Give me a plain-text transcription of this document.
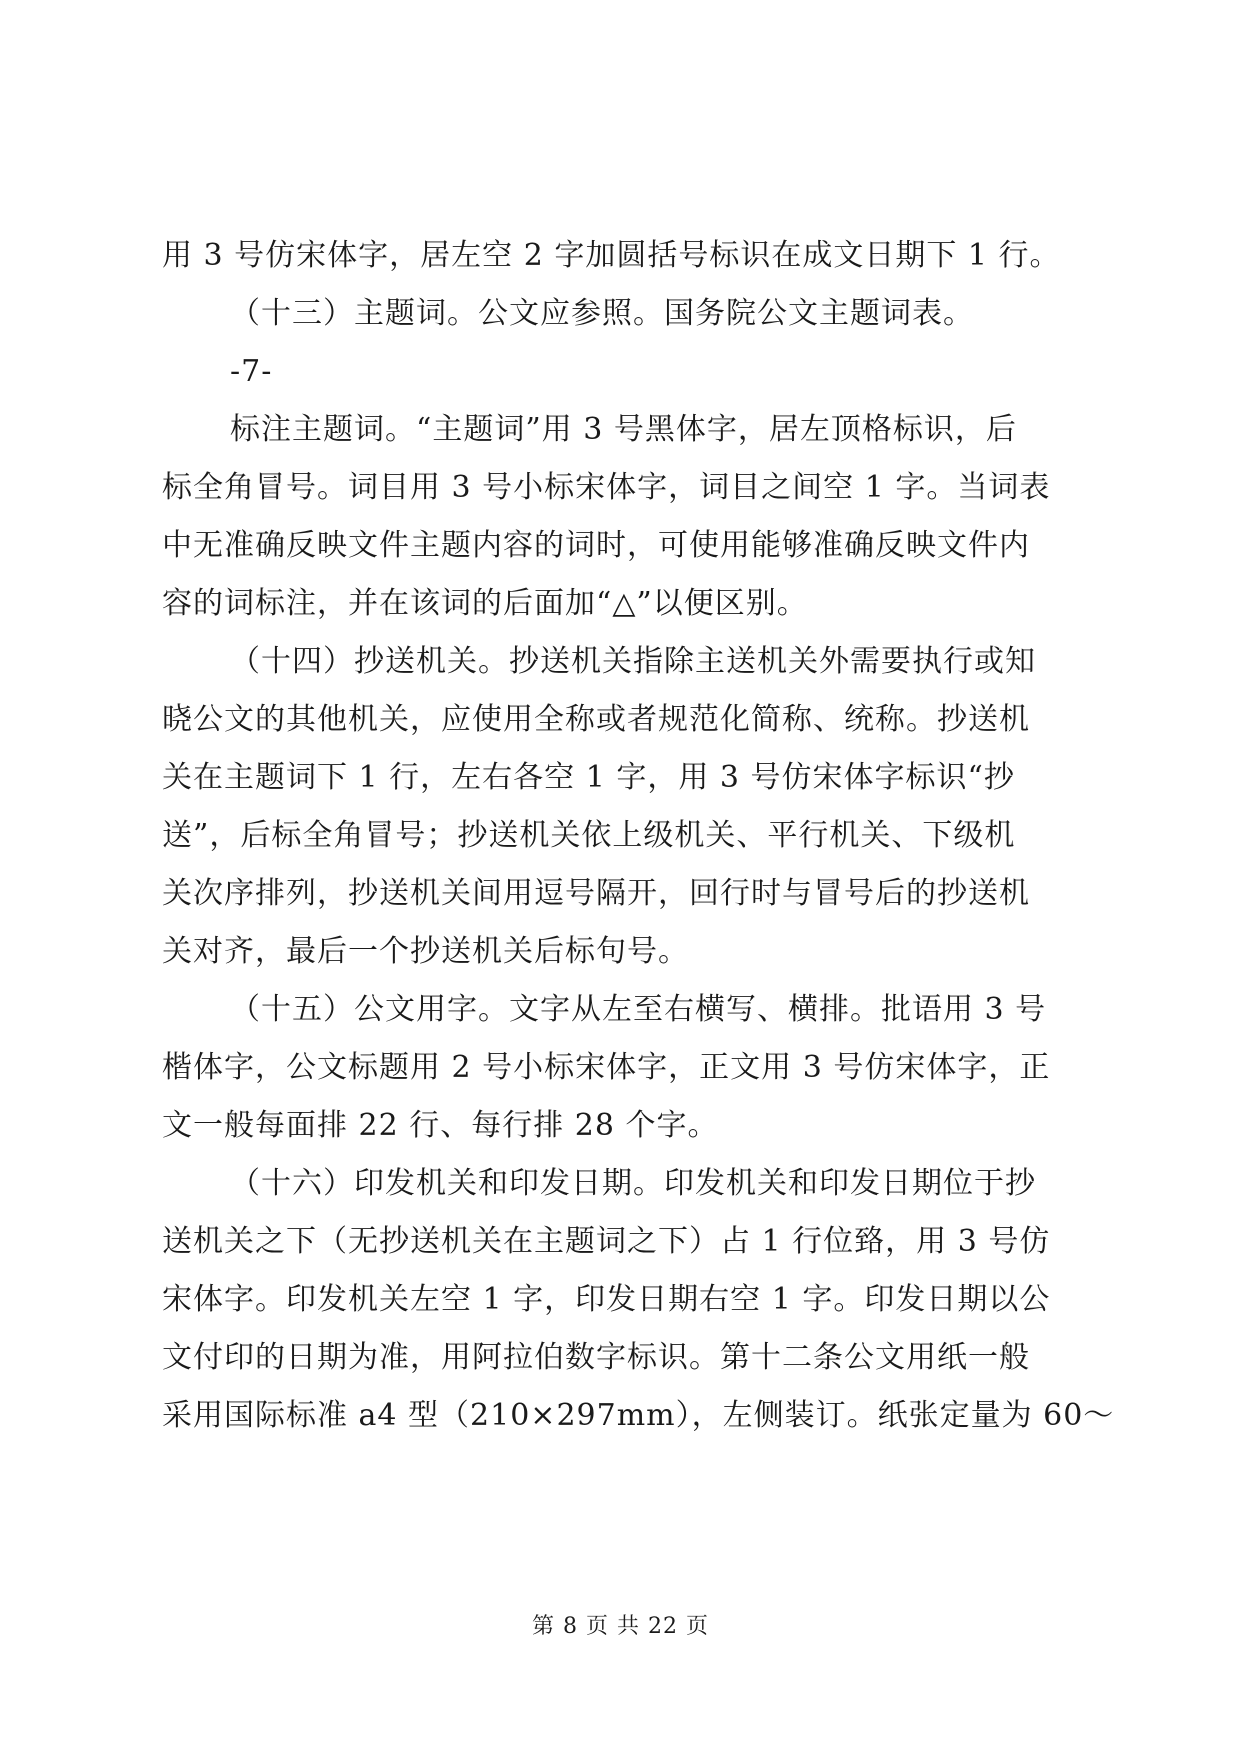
用 3 号仿宋体字，居左空 2 字加圆括号标识在成文日期下 1 行。
（十三）主题词。公文应参照。国务院公文主题词表。
-7-
标注主题词。“主题词”用 3 号黑体字，居左顶格标识，后
标全角冒号。词目用 3 号小标宋体字，词目之间空 1 字。当词表
中无准确反映文件主题内容的词时，可使用能够准确反映文件内
容的词标注，并在该词的后面加“△”以便区别。
（十四）抄送机关。抄送机关指除主送机关外需要执行或知
晓公文的其他机关，应使用全称或者规范化简称、统称。抄送机
关在主题词下 1 行，左右各空 1 字，用 3 号仿宋体字标识“抄
送”，后标全角冒号；抄送机关依上级机关、平行机关、下级机
关次序排列，抄送机关间用逗号隔开，回行时与冒号后的抄送机
关对齐，最后一个抄送机关后标句号。
（十五）公文用字。文字从左至右横写、横排。批语用 3 号
楷体字，公文标题用 2 号小标宋体字，正文用 3 号仿宋体字，正
文一般每面排 22 行、每行排 28 个字。
（十六）印发机关和印发日期。印发机关和印发日期位于抄
送机关之下（无抄送机关在主题词之下）占 1 行位臵，用 3 号仿
宋体字。印发机关左空 1 字，印发日期右空 1 字。印发日期以公
文付印的日期为准，用阿拉伯数字标识。第十二条公文用纸一般
采用国际标准 a4 型（210×297mm），左侧装订。纸张定量为 60～
第 8 页 共 22 页
